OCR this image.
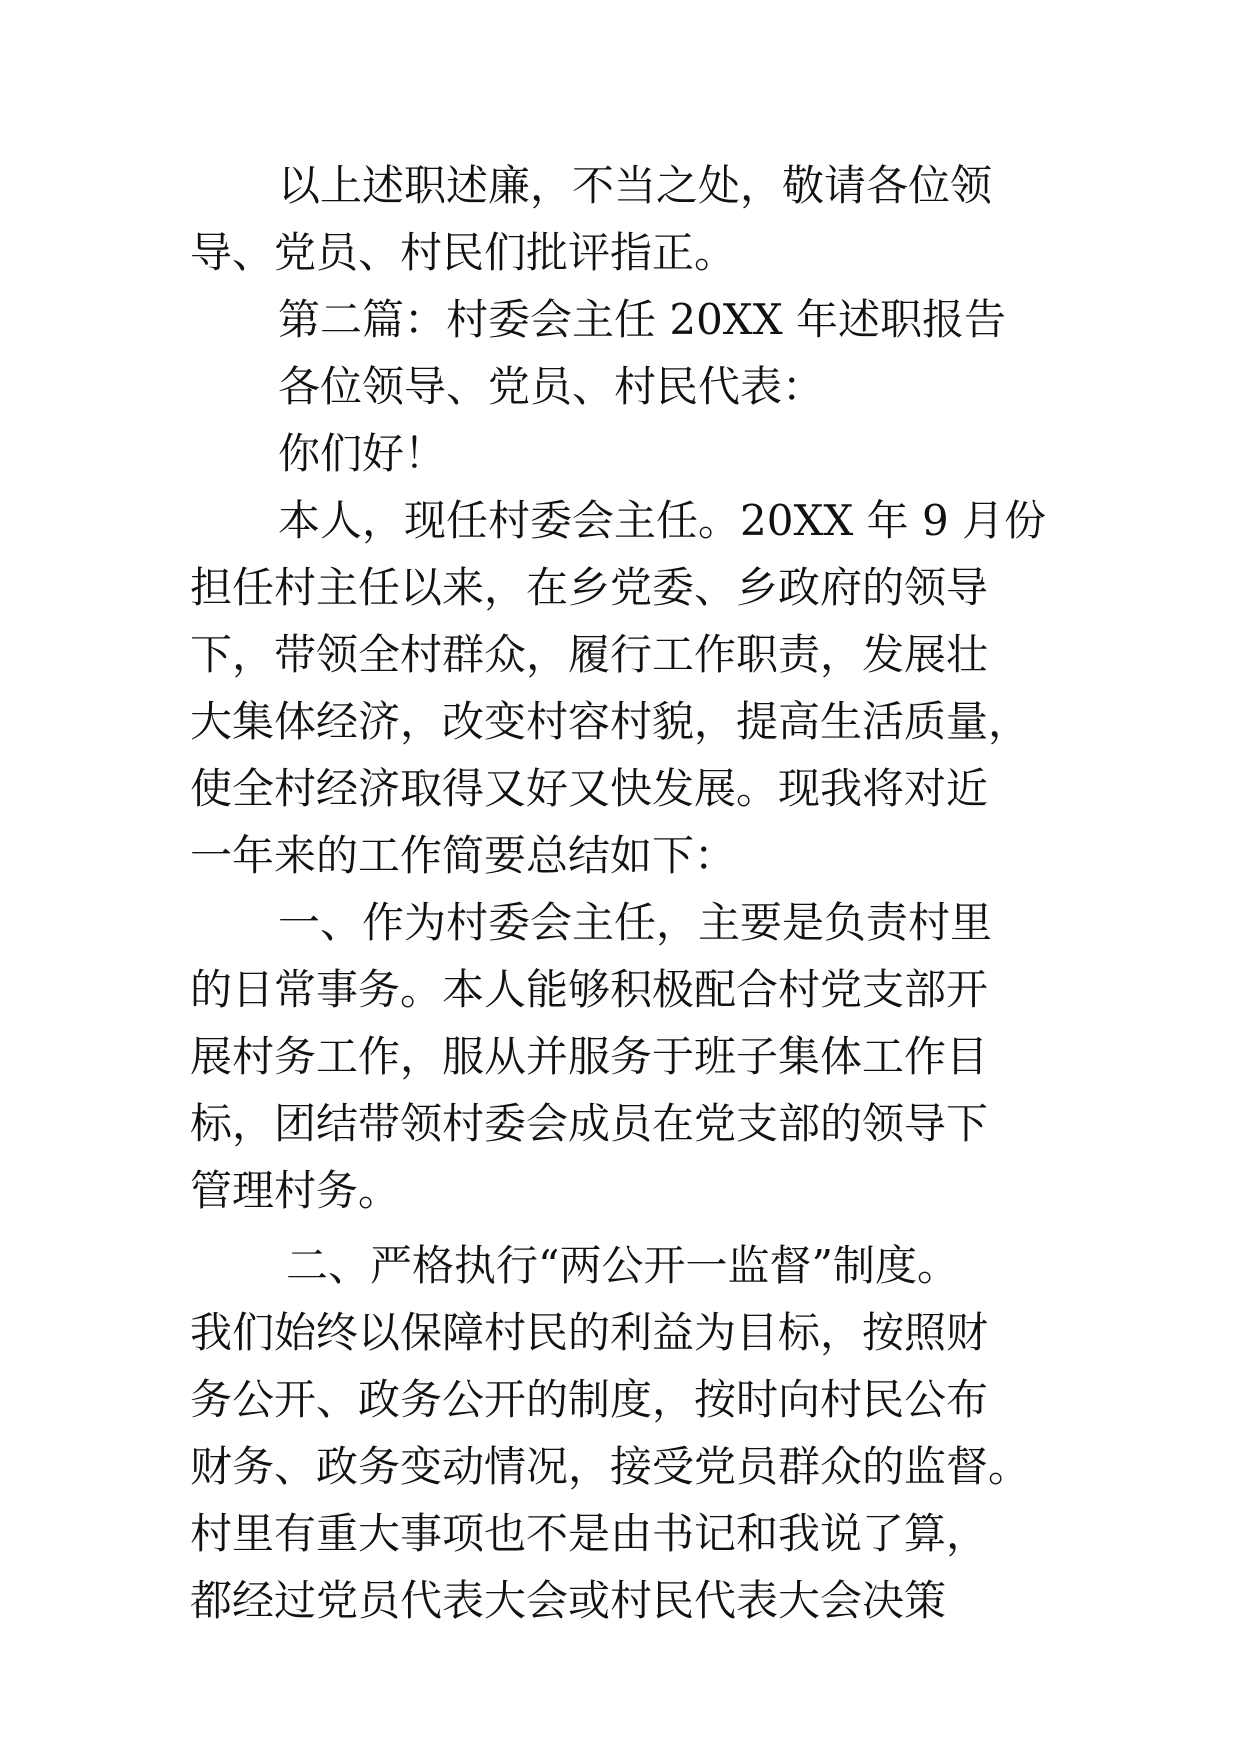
以上述职述廉，不当之处，敬请各位领
导、党员、村民们批评指正。
第二篇：村委会主任 20XX 年述职报告
各位领导、党员、村民代表：
你们好！
本人，现任村委会主任。20XX 年 9 月份
担任村主任以来，在乡党委、乡政府的领导
下，带领全村群众，履行工作职责，发展壮
大集体经济，改变村容村貌，提高生活质量，
使全村经济取得又好又快发展。现我将对近
一年来的工作简要总结如下：
一、作为村委会主任，主要是负责村里
的日常事务。本人能够积极配合村党支部开
展村务工作，服从并服务于班子集体工作目
标，团结带领村委会成员在党支部的领导下
管理村务。
二、严格执行“两公开一监督”制度。
我们始终以保障村民的利益为目标，按照财
务公开、政务公开的制度，按时向村民公布
财务、政务变动情况，接受党员群众的监督。
村里有重大事项也不是由书记和我说了算，
都经过党员代表大会或村民代表大会决策
